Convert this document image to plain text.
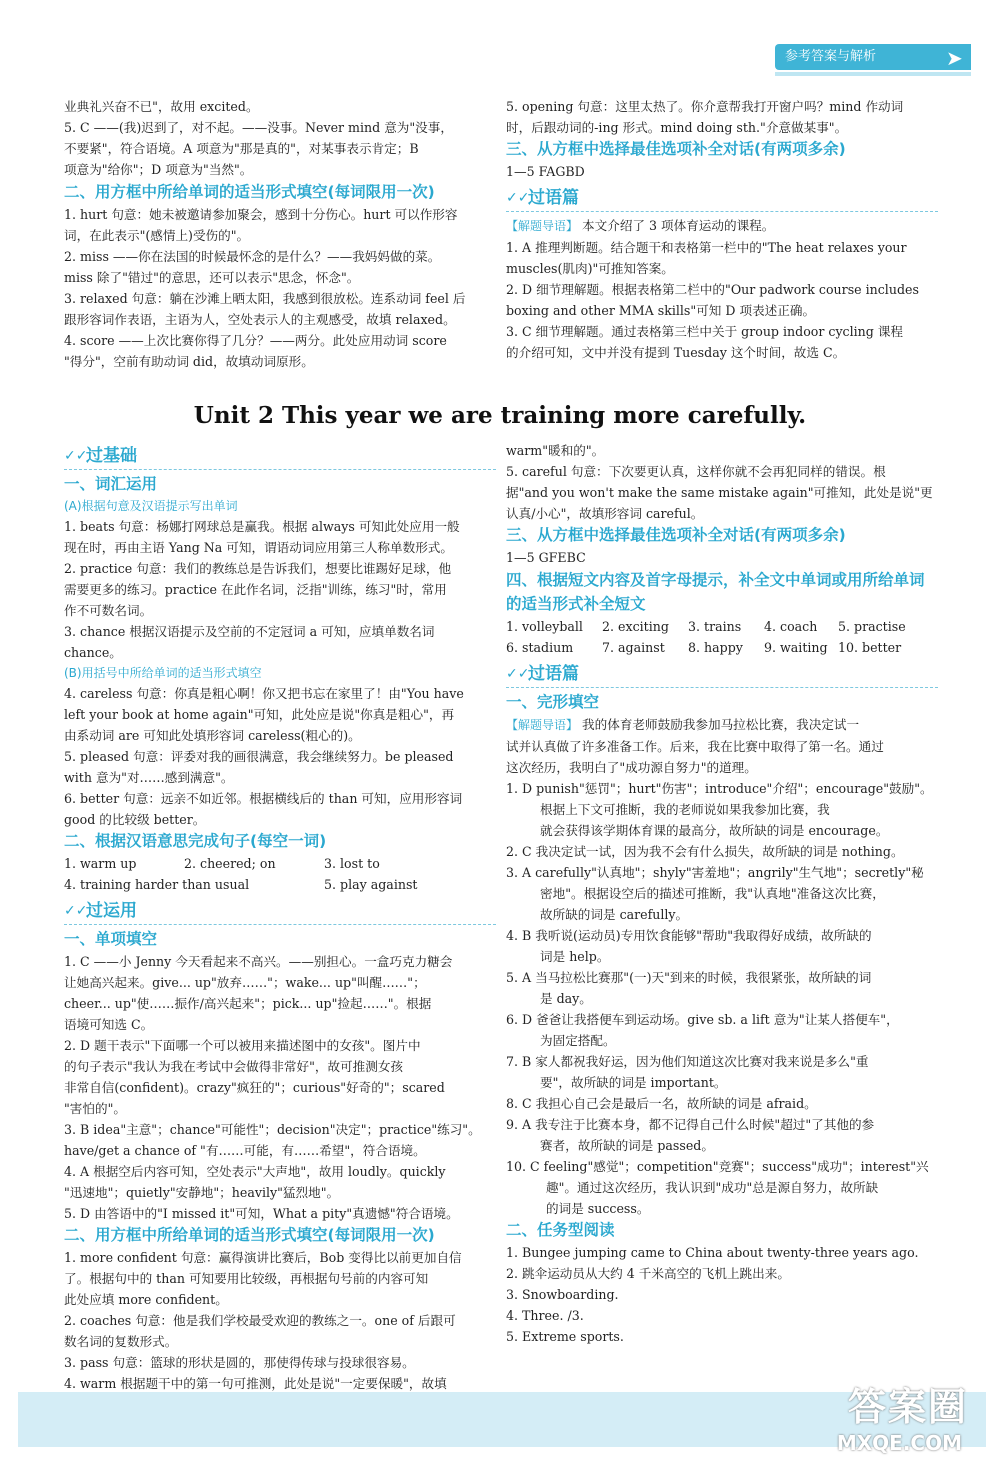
参考答案与解析	➤
业典礼兴奋不已"，故用 excited。
5. C ——(我)迟到了，对不起。——没事。Never mind 意为"没事，
不要紧"，符合语境。A 项意为"那是真的"，对某事表示肯定；B
项意为"给你"；D 项意为"当然"。
二、用方框中所给单词的适当形式填空(每词限用一次)
1. hurt 句意：她未被邀请参加聚会，感到十分伤心。hurt 可以作形容
词，在此表示"(感情上)受伤的"。
2. miss ——你在法国的时候最怀念的是什么？——我妈妈做的菜。
miss 除了"错过"的意思，还可以表示"思念，怀念"。
3. relaxed 句意：躺在沙滩上晒太阳，我感到很放松。连系动词 feel 后
跟形容词作表语，主语为人，空处表示人的主观感受，故填 relaxed。
4. score ——上次比赛你得了几分？——两分。此处应用动词 score
"得分"，空前有助动词 did，故填动词原形。
5. opening 句意：这里太热了。你介意帮我打开窗户吗？mind 作动词
时，后跟动词的-ing 形式。mind doing sth."介意做某事"。
三、从方框中选择最佳选项补全对话(有两项多余)
1—5 FAGBD
✓✓
过语篇
【解题导语】 本文介绍了 3 项体育运动的课程。
1. A 推理判断题。结合题干和表格第一栏中的"The heat relaxes your
muscles(肌肉)"可推知答案。
2. D 细节理解题。根据表格第二栏中的"Our padwork course includes
boxing and other MMA skills"可知 D 项表述正确。
3. C 细节理解题。通过表格第三栏中关于 group indoor cycling 课程
的介绍可知，文中并没有提到 Tuesday 这个时间，故选 C。
Unit 2 This year we are training more carefully.
✓✓
过基础
一、词汇运用
(A)根据句意及汉语提示写出单词
1. beats 句意：杨娜打网球总是赢我。根据 always 可知此处应用一般
现在时，再由主语 Yang Na 可知，谓语动词应用第三人称单数形式。
2. practice 句意：我们的教练总是告诉我们，想要比谁踢好足球，他
需要更多的练习。practice 在此作名词，泛指"训练，练习"时，常用
作不可数名词。
3. chance 根据汉语提示及空前的不定冠词 a 可知，应填单数名词
chance。
(B)用括号中所给单词的适当形式填空
4. careless 句意：你真是粗心啊！你又把书忘在家里了！由"You have
left your book at home again"可知，此处应是说"你真是粗心"，再
由系动词 are 可知此处填形容词 careless(粗心的)。
5. pleased 句意：评委对我的画很满意，我会继续努力。be pleased
with 意为"对……感到满意"。
6. better 句意：远亲不如近邻。根据横线后的 than 可知，应用形容词
good 的比较级 better。
二、根据汉语意思完成句子(每空一词)
1. warm up	2. cheered; on	3. lost to
4. training harder than usual	5. play against
✓✓
过运用
一、单项填空
1. C ——小 Jenny 今天看起来不高兴。——别担心。一盒巧克力糖会
让她高兴起来。give... up"放弃……"；wake... up"叫醒……"；
cheer... up"使……振作/高兴起来"；pick... up"捡起……"。根据
语境可知选 C。
2. D 题干表示"下面哪一个可以被用来描述图中的女孩"。图片中
的句子表示"我认为我在考试中会做得非常好"，故可推测女孩
非常自信(confident)。crazy"疯狂的"；curious"好奇的"；scared
"害怕的"。
3. B idea"主意"；chance"可能性"；decision"决定"；practice"练习"。
have/get a chance of "有……可能，有……希望"，符合语境。
4. A 根据空后内容可知，空处表示"大声地"，故用 loudly。quickly
"迅速地"；quietly"安静地"；heavily"猛烈地"。
5. D 由答语中的"I missed it"可知，What a pity"真遗憾"符合语境。
二、用方框中所给单词的适当形式填空(每词限用一次)
1. more confident 句意：赢得演讲比赛后，Bob 变得比以前更加自信
了。根据句中的 than 可知要用比较级，再根据句号前的内容可知
此处应填 more confident。
2. coaches 句意：他是我们学校最受欢迎的教练之一。one of 后跟可
数名词的复数形式。
3. pass 句意：篮球的形状是圆的，那使得传球与投球很容易。
4. warm 根据题干中的第一句可推测，此处是说"一定要保暖"，故填
warm"暖和的"。
5. careful 句意：下次要更认真，这样你就不会再犯同样的错误。根
据"and you won't make the same mistake again"可推知，此处是说"更
认真/小心"，故填形容词 careful。
三、从方框中选择最佳选项补全对话(有两项多余)
1—5 GFEBC
四、根据短文内容及首字母提示，补全文中单词或用所给单词的适当形式补全短文
1. volleyball	2. exciting	3. trains	4. coach	5. practise
6. stadium	7. against	8. happy	9. waiting 10. better
✓✓
过语篇
一、完形填空
【解题导语】 我的体育老师鼓励我参加马拉松比赛，我决定试一
试并认真做了许多准备工作。后来，我在比赛中取得了第一名。通过
这次经历，我明白了"成功源自努力"的道理。
1. D punish"惩罚"；hurt"伤害"；introduce"介绍"；encourage"鼓励"。
根据上下文可推断，我的老师说如果我参加比赛，我
就会获得该学期体育课的最高分，故所缺的词是 encourage。
2. C 我决定试一试，因为我不会有什么损失，故所缺的词是 nothing。
3. A carefully"认真地"；shyly"害羞地"；angrily"生气地"；secretly"秘
密地"。根据设空后的描述可推断，我"认真地"准备这次比赛，
故所缺的词是 carefully。
4. B 我听说(运动员)专用饮食能够"帮助"我取得好成绩，故所缺的
词是 help。
5. A 当马拉松比赛那"(一)天"到来的时候，我很紧张，故所缺的词
是 day。
6. D 爸爸让我搭便车到运动场。give sb. a lift 意为"让某人搭便车"，
为固定搭配。
7. B 家人都祝我好运，因为他们知道这次比赛对我来说是多么"重
要"，故所缺的词是 important。
8. C 我担心自己会是最后一名，故所缺的词是 afraid。
9. A 我专注于比赛本身，都不记得自己什么时候"超过"了其他的参
赛者，故所缺的词是 passed。
10. C feeling"感觉"；competition"竞赛"；success"成功"；interest"兴
趣"。通过这次经历，我认识到"成功"总是源自努力，故所缺
的词是 success。
二、任务型阅读
1. Bungee jumping came to China about twenty-three years ago.
2. 跳伞运动员从大约 4 千米高空的飞机上跳出来。
3. Snowboarding.
4. Three. /3.
5. Extreme sports.
答案圈
MXQE.COM
